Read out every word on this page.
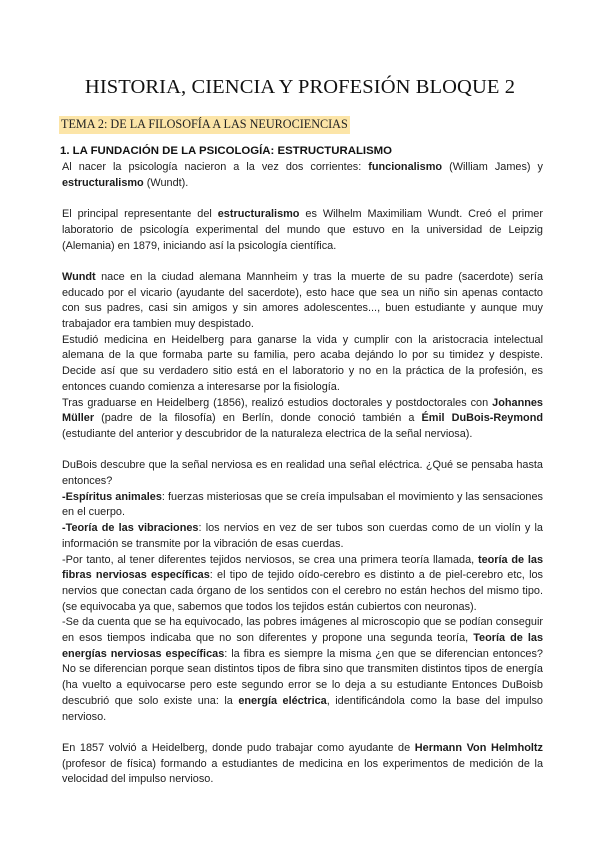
HISTORIA, CIENCIA Y PROFESIÓN BLOQUE 2
TEMA 2: DE LA FILOSOFÍA A LAS NEUROCIENCIAS
1. LA FUNDACIÓN DE LA PSICOLOGÍA: ESTRUCTURALISMO

Al nacer la psicología nacieron a la vez dos corrientes: funcionalismo (William James) y estructuralismo (Wundt).

El principal representante del estructuralismo es Wilhelm Maximiliam Wundt. Creó el primer laboratorio de psicología experimental del mundo que estuvo en la universidad de Leipzig (Alemania) en 1879, iniciando así la psicología científica.

Wundt nace en la ciudad alemana Mannheim y tras la muerte de su padre (sacerdote) sería educado por el vicario (ayudante del sacerdote), esto hace que sea un niño sin apenas contacto con sus padres, casi sin amigos y sin amores adolescentes..., buen estudiante y aunque muy trabajador era tambien muy despistado.

Estudió medicina en Heidelberg para ganarse la vida y cumplir con la aristocracia intelectual alemana de la que formaba parte su familia, pero acaba dejándo lo por su timidez y despiste. Decide así que su verdadero sitio está en el laboratorio y no en la práctica de la profesión, es entonces cuando comienza a interesarse por la fisiología.

Tras graduarse en Heidelberg (1856), realizó estudios doctorales y postdoctorales con Johannes Müller (padre de la filosofía) en Berlín, donde conoció también a Émil DuBois-Reymond (estudiante del anterior y descubridor de la naturaleza electrica de la señal nerviosa).

DuBois descubre que la señal nerviosa es en realidad una señal eléctrica. ¿Qué se pensaba hasta entonces?

-Espíritus animales: fuerzas misteriosas que se creía impulsaban el movimiento y las sensaciones en el cuerpo.

-Teoría de las vibraciones: los nervios en vez de ser tubos son cuerdas como de un violín y la información se transmite por la vibración de esas cuerdas.

-Por tanto, al tener diferentes tejidos nerviosos, se crea una primera teoría llamada, teoría de las fibras nerviosas específicas: el tipo de tejido oído-cerebro es distinto a de piel-cerebro etc, los nervios que conectan cada órgano de los sentidos con el cerebro no están hechos del mismo tipo. (se equivocaba ya que, sabemos que todos los tejidos están cubiertos con neuronas).

-Se da cuenta que se ha equivocado, las pobres imágenes al microscopio que se podían conseguir en esos tiempos indicaba que no son diferentes y propone una segunda teoría, Teoría de las energías nerviosas específicas: la fibra es siempre la misma ¿en que se diferencian entonces? No se diferencian porque sean distintos tipos de fibra sino que transmiten distintos tipos de energía (ha vuelto a equivocarse pero este segundo error se lo deja a su estudiante Entonces DuBoisb descubrió que solo existe una: la energía eléctrica, identificándola como la base del impulso nervioso.

En 1857 volvió a Heidelberg, donde pudo trabajar como ayudante de Hermann Von Helmholtz (profesor de física) formando a estudiantes de medicina en los experimentos de medición de la velocidad del impulso nervioso.
